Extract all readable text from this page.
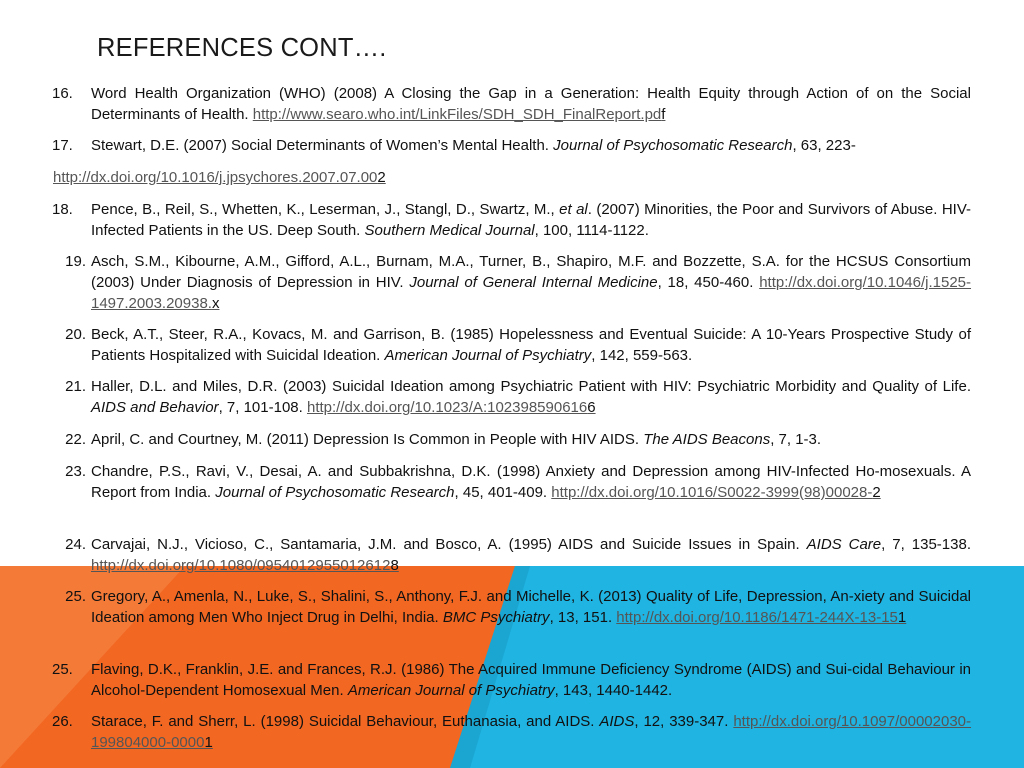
REFERENCES CONT….
16.	Word Health Organization (WHO) (2008) A Closing the Gap in a Generation: Health Equity through Action of on the Social Determinants of Health. http://www.searo.who.int/LinkFiles/SDH_SDH_FinalReport.pdf
17.	Stewart, D.E. (2007) Social Determinants of Women’s Mental Health. Journal of Psychosomatic Research, 63, 223-
http://dx.doi.org/10.1016/j.jpsychores.2007.07.002
18.	Pence, B., Reil, S., Whetten, K., Leserman, J., Stangl, D., Swartz, M., et al. (2007) Minorities, the Poor and Survivors of Abuse. HIV-Infected Patients in the US. Deep South. Southern Medical Journal, 100, 1114-1122.
19. Asch, S.M., Kibourne, A.M., Gifford, A.L., Burnam, M.A., Turner, B., Shapiro, M.F. and Bozzette, S.A. for the HCSUS Consortium (2003) Under Diagnosis of Depression in HIV. Journal of General Internal Medicine, 18, 450-460. http://dx.doi.org/10.1046/j.1525-1497.2003.20938.x
20. Beck, A.T., Steer, R.A., Kovacs, M. and Garrison, B. (1985) Hopelessness and Eventual Suicide: A 10-Years Prospective Study of Patients Hospitalized with Suicidal Ideation. American Journal of Psychiatry, 142, 559-563.
21. Haller, D.L. and Miles, D.R. (2003) Suicidal Ideation among Psychiatric Patient with HIV: Psychiatric Morbidity and Quality of Life. AIDS and Behavior, 7, 101-108. http://dx.doi.org/10.1023/A:1023985906166
22. April, C. and Courtney, M. (2011) Depression Is Common in People with HIV AIDS. The AIDS Beacons, 7, 1-3.
23. Chandre, P.S., Ravi, V., Desai, A. and Subbakrishna, D.K. (1998) Anxiety and Depression among HIV-Infected Ho-mosexuals. A Report from India. Journal of Psychosomatic Research, 45, 401-409. http://dx.doi.org/10.1016/S0022-3999(98)00028-2
24. Carvajai, N.J., Vicioso, C., Santamaria, J.M. and Bosco, A. (1995) AIDS and Suicide Issues in Spain. AIDS Care, 7, 135-138. http://dx.doi.org/10.1080/09540129550126128
25. Gregory, A., Amenla, N., Luke, S., Shalini, S., Anthony, F.J. and Michelle, K. (2013) Quality of Life, Depression, An-xiety and Suicidal Ideation among Men Who Inject Drug in Delhi, India. BMC Psychiatry, 13, 151. http://dx.doi.org/10.1186/1471-244X-13-151
25.	Flaving, D.K., Franklin, J.E. and Frances, R.J. (1986) The Acquired Immune Deficiency Syndrome (AIDS) and Sui-cidal Behaviour in Alcohol-Dependent Homosexual Men. American Journal of Psychiatry, 143, 1440-1442.
26.	Starace, F. and Sherr, L. (1998) Suicidal Behaviour, Euthanasia, and AIDS. AIDS, 12, 339-347. http://dx.doi.org/10.1097/00002030-199804000-00001
